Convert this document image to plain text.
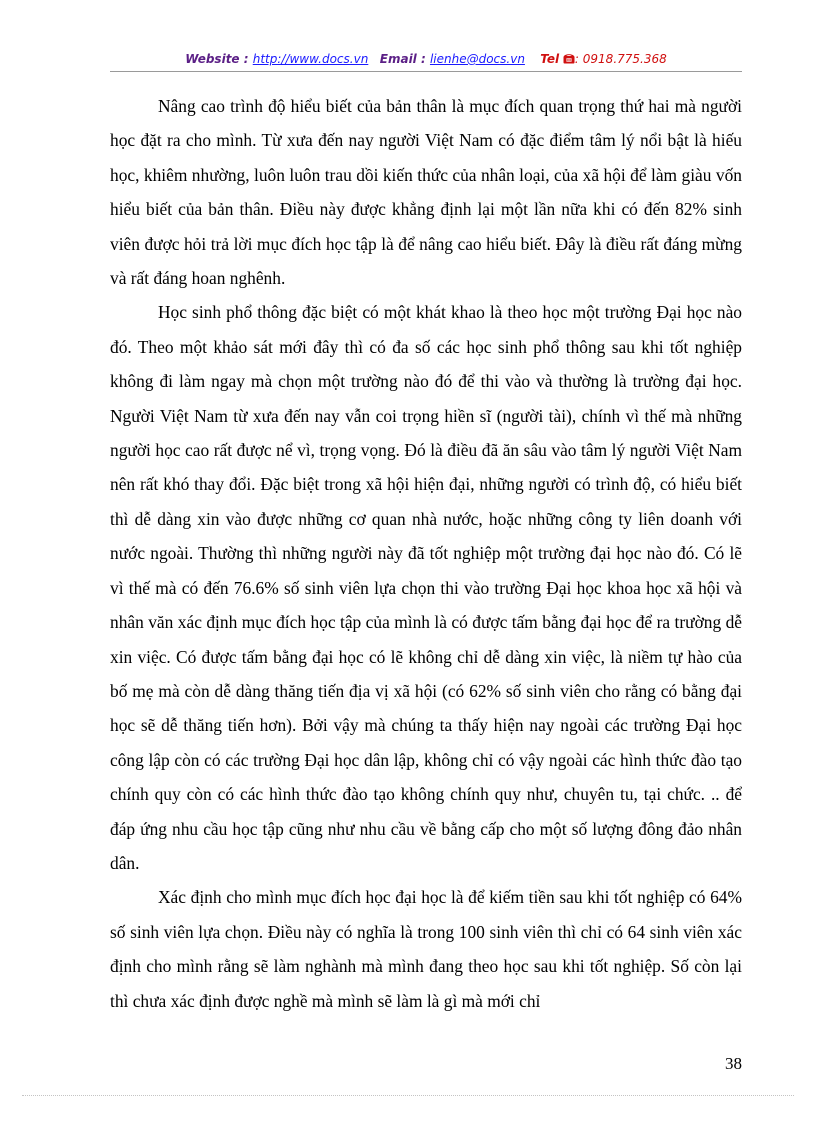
Website : http://www.docs.vn Email : lienhe@docs.vn Tel : 0918.775.368

Nâng cao trình độ hiểu biết của bản thân là mục đích quan trọng thứ hai mà người học đặt ra cho mình. Từ xưa đến nay người Việt Nam có đặc điểm tâm lý nổi bật là hiếu học, khiêm nhường, luôn luôn trau dồi kiến thức của nhân loại, của xã hội để làm giàu vốn hiểu biết của bản thân. Điều này được khẳng định lại một lần nữa khi có đến 82% sinh viên được hỏi trả lời mục đích học tập là để nâng cao hiểu biết. Đây là điều rất đáng mừng và rất đáng hoan nghênh.

Học sinh phổ thông đặc biệt có một khát khao là theo học một trường Đại học nào đó. Theo một khảo sát mới đây thì có đa số các học sinh phổ thông sau khi tốt nghiệp không đi làm ngay mà chọn một trường nào đó để thi vào và thường là trường đại học. Người Việt Nam từ xưa đến nay vẫn coi trọng hiền sĩ (người tài), chính vì thế mà những người học cao rất được nể vì, trọng vọng. Đó là điều đã ăn sâu vào tâm lý người Việt Nam nên rất khó thay đổi. Đặc biệt trong xã hội hiện đại, những người có trình độ, có hiểu biết thì dễ dàng xin vào được những cơ quan nhà nước, hoặc những công ty liên doanh với nước ngoài. Thường thì những người này đã tốt nghiệp một trường đại học nào đó. Có lẽ vì thế mà có đến 76.6% số sinh viên lựa chọn thi vào trường Đại học khoa học xã hội và nhân văn xác định mục đích học tập của mình là có được tấm bằng đại học để ra trường dễ xin việc. Có được tấm bằng đại học có lẽ không chỉ dễ dàng xin việc, là niềm tự hào của bố mẹ mà còn dễ dàng thăng tiến địa vị xã hội (có 62% số sinh viên cho rằng có bằng đại học sẽ dễ thăng tiến hơn). Bởi vậy mà chúng ta thấy hiện nay ngoài các trường Đại học công lập còn có các trường Đại học dân lập, không chỉ có vậy ngoài các hình thức đào tạo chính quy còn có các hình thức đào tạo không chính quy như, chuyên tu, tại chức. .. để đáp ứng nhu cầu học tập cũng như nhu cầu về bằng cấp cho một số lượng đông đảo nhân dân.

Xác định cho mình mục đích học đại học là để kiếm tiền sau khi tốt nghiệp có 64% số sinh viên lựa chọn. Điều này có nghĩa là trong 100 sinh viên thì chỉ có 64 sinh viên xác định cho mình rằng sẽ làm nghành mà mình đang theo học sau khi tốt nghiệp. Số còn lại thì chưa xác định được nghề mà mình sẽ làm là gì mà mới chỉ

38
